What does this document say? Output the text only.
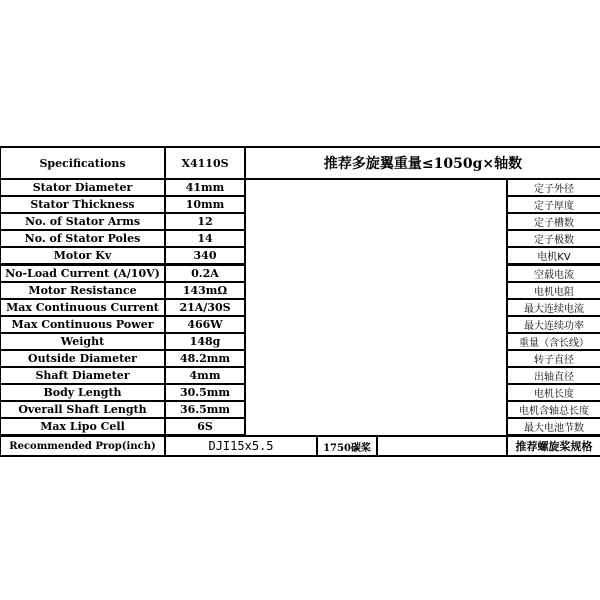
Specifications	X4110S	推荐多旋翼重量≤1050g×轴数
Stator Diameter	41mm	定子外径
Stator Thickness	10mm	定子厚度
No. of Stator Arms	12	定子槽数
No. of Stator Poles	14	定子极数
Motor Kv	340	电机KV
No-Load Current (A/10V)	0.2A	空载电流
Motor Resistance	143mΩ	电机电阻
Max Continuous Current	21A/30S	最大连续电流
Max Continuous Power	466W	最大连续功率
Weight	148g	重量（含长线）
Outside Diameter	48.2mm	转子直径
Shaft Diameter	4mm	出轴直径
Body Length	30.5mm	电机长度
Overall Shaft Length	36.5mm	电机含轴总长度
Max Lipo Cell	6S	最大电池节数
Recommended Prop(inch)	DJI15x5.5	1750碳桨	推荐螺旋桨规格
